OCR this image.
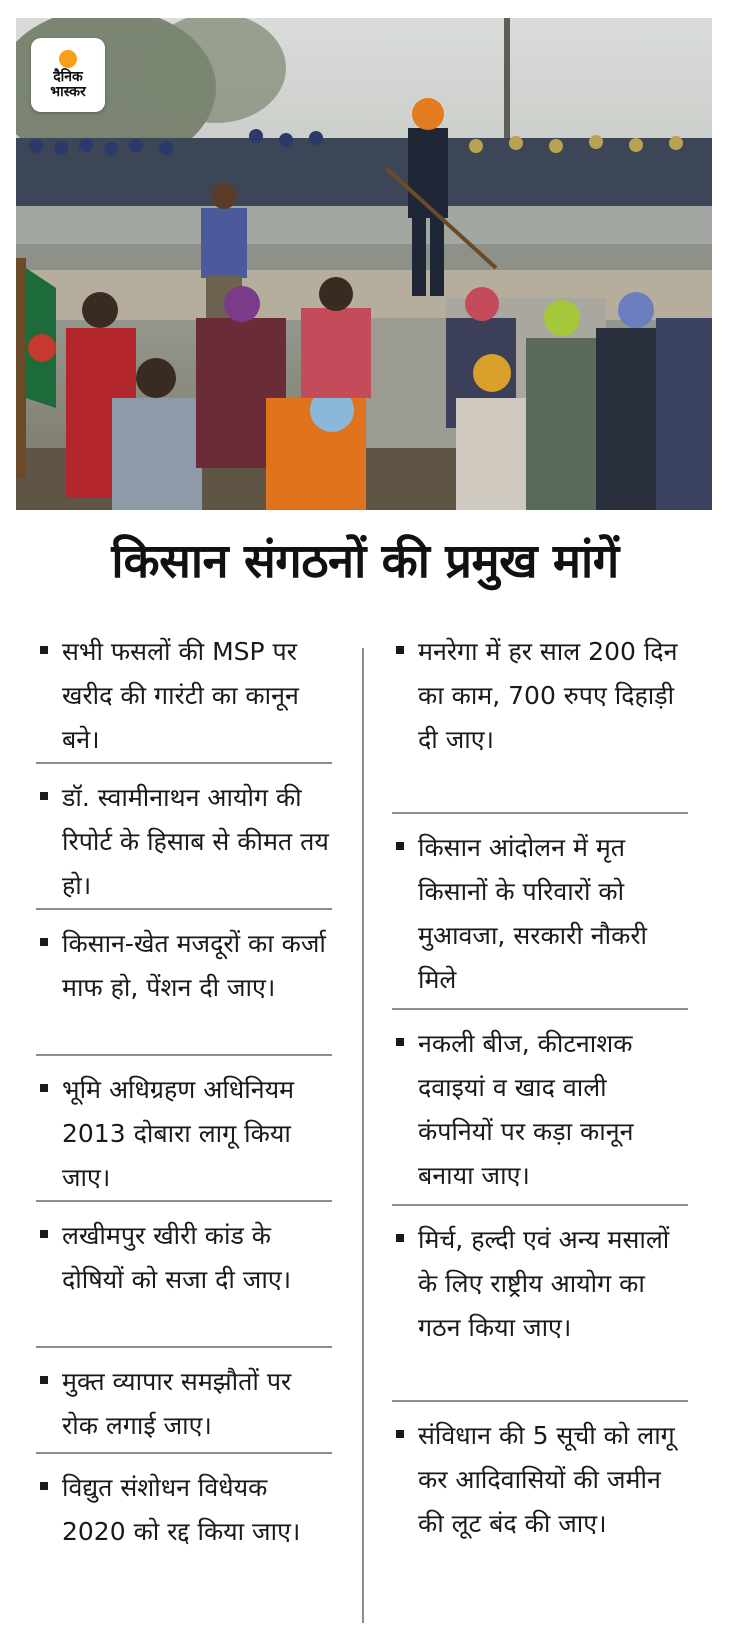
दैनिक
भास्कर
किसान संगठनों की प्रमुख मांगें
सभी फसलों की MSP पर खरीद की गारंटी का कानून बने।
डॉ. स्वामीनाथन आयोग की रिपोर्ट के हिसाब से कीमत तय हो।
किसान-खेत मजदूरों का कर्जा माफ हो, पेंशन दी जाए।
भूमि अधिग्रहण अधिनियम 2013 दोबारा लागू किया जाए।
लखीमपुर खीरी कांड के दोषियों को सजा दी जाए।
मुक्त व्यापार समझौतों पर रोक लगाई जाए।
विद्युत संशोधन विधेयक 2020 को रद्द किया जाए।
मनरेगा में हर साल 200 दिन का काम, 700 रुपए दिहाड़ी दी जाए।
किसान आंदोलन में मृत किसानों के परिवारों को मुआवजा, सरकारी नौकरी मिले
नकली बीज, कीटनाशक दवाइयां व खाद वाली कंपनियों पर कड़ा कानून बनाया जाए।
मिर्च, हल्दी एवं अन्य मसालों के लिए राष्ट्रीय आयोग का गठन किया जाए।
संविधान की 5 सूची को लागू कर आदिवासियों की जमीन की लूट बंद की जाए।
